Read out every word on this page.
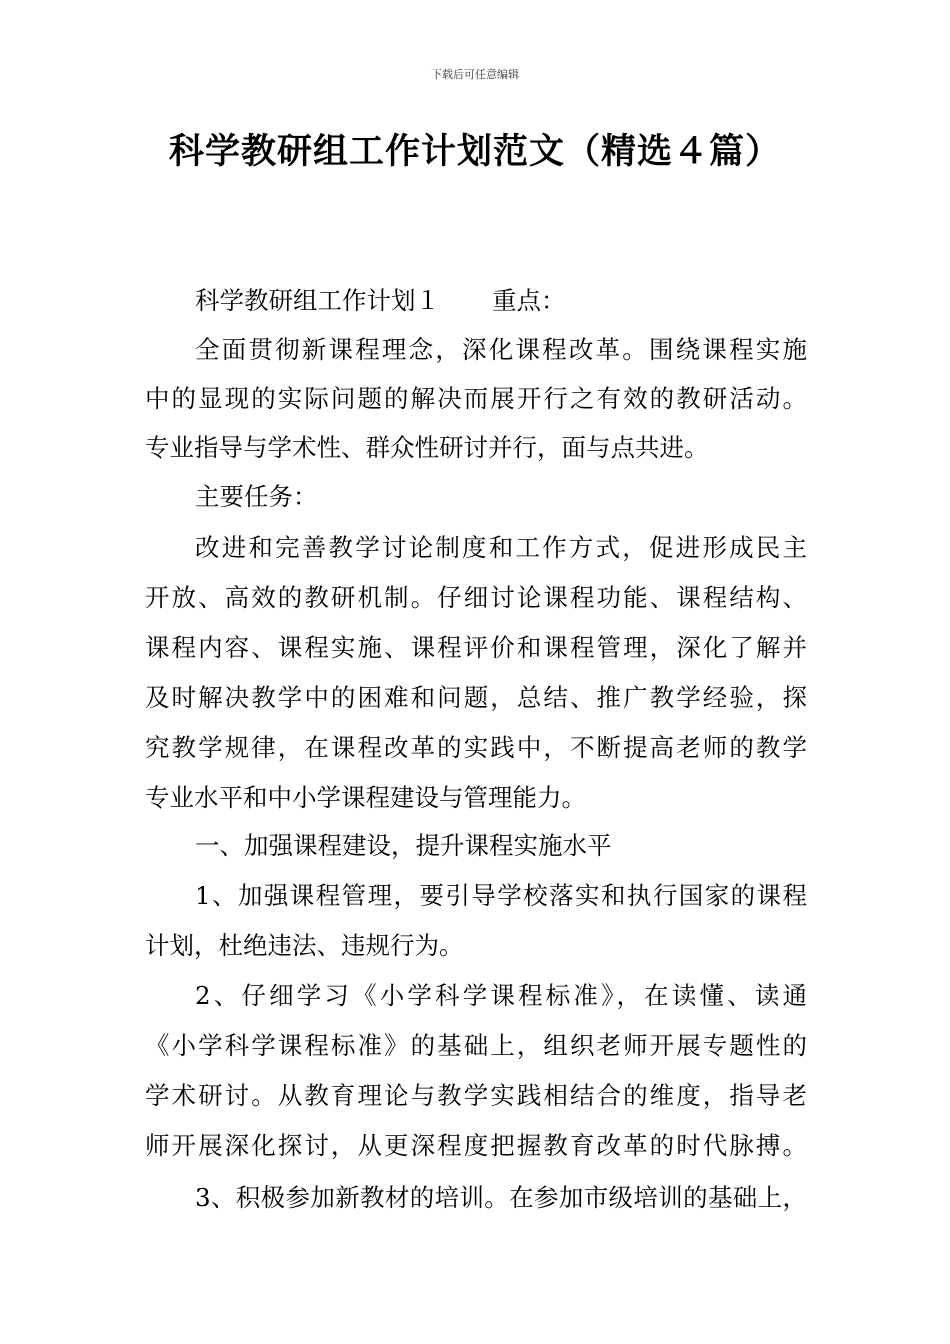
下载后可任意编辑
科学教研组工作计划范文（精选４篇）
科学教研组工作计划１ 重点：
全面贯彻新课程理念，深化课程改革。围绕课程实施
中的显现的实际问题的解决而展开行之有效的教研活动。
专业指导与学术性、群众性研讨并行，面与点共进。
主要任务：
改进和完善教学讨论制度和工作方式，促进形成民主
开放、高效的教研机制。仔细讨论课程功能、课程结构、
课程内容、课程实施、课程评价和课程管理，深化了解并
及时解决教学中的困难和问题，总结、推广教学经验，探
究教学规律，在课程改革的实践中，不断提高老师的教学
专业水平和中小学课程建设与管理能力。
一、加强课程建设，提升课程实施水平
1、加强课程管理，要引导学校落实和执行国家的课程
计划，杜绝违法、违规行为。
2、仔细学习《小学科学课程标准》，在读懂、读通
《小学科学课程标准》的基础上，组织老师开展专题性的
学术研讨。从教育理论与教学实践相结合的维度，指导老
师开展深化探讨，从更深程度把握教育改革的时代脉搏。
3、积极参加新教材的培训。在参加市级培训的基础上，
